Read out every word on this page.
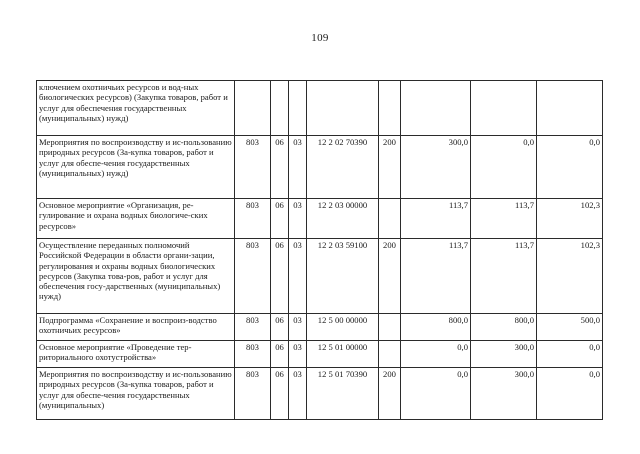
109
ключением охотничьих ресурсов и вод-ных биологических ресурсов) (Закупка товаров, работ и услуг для обеспечения государственных (муниципальных) нужд)								
Мероприятия по воспроизводству и ис-пользованию природных ресурсов (За-купка товаров, работ и услуг для обеспе-чения государственных (муниципальных) нужд)	803	06	03	12 2 02 70390	200	300,0	0,0	0,0
Основное мероприятие «Организация, ре-гулирование и охрана водных биологиче-ских ресурсов»	803	06	03	12 2 03 00000		113,7	113,7	102,3
Осуществление переданных полномочий Российской Федерации в области органи-зации, регулирования и охраны водных биологических ресурсов (Закупка това-ров, работ и услуг для обеспечения госу-дарственных (муниципальных) нужд)	803	06	03	12 2 03 59100	200	113,7	113,7	102,3
Подпрограмма «Сохранение и воспроиз-водство охотничьих ресурсов»	803	06	03	12 5 00 00000		800,0	800,0	500,0
Основное мероприятие «Проведение тер-риториального охотустройства»	803	06	03	12 5 01 00000		0,0	300,0	0,0
Мероприятия по воспроизводству и ис-пользованию природных ресурсов (За-купка товаров, работ и услуг для обеспе-чения государственных (муниципальных)	803	06	03	12 5 01 70390	200	0,0	300,0	0,0
